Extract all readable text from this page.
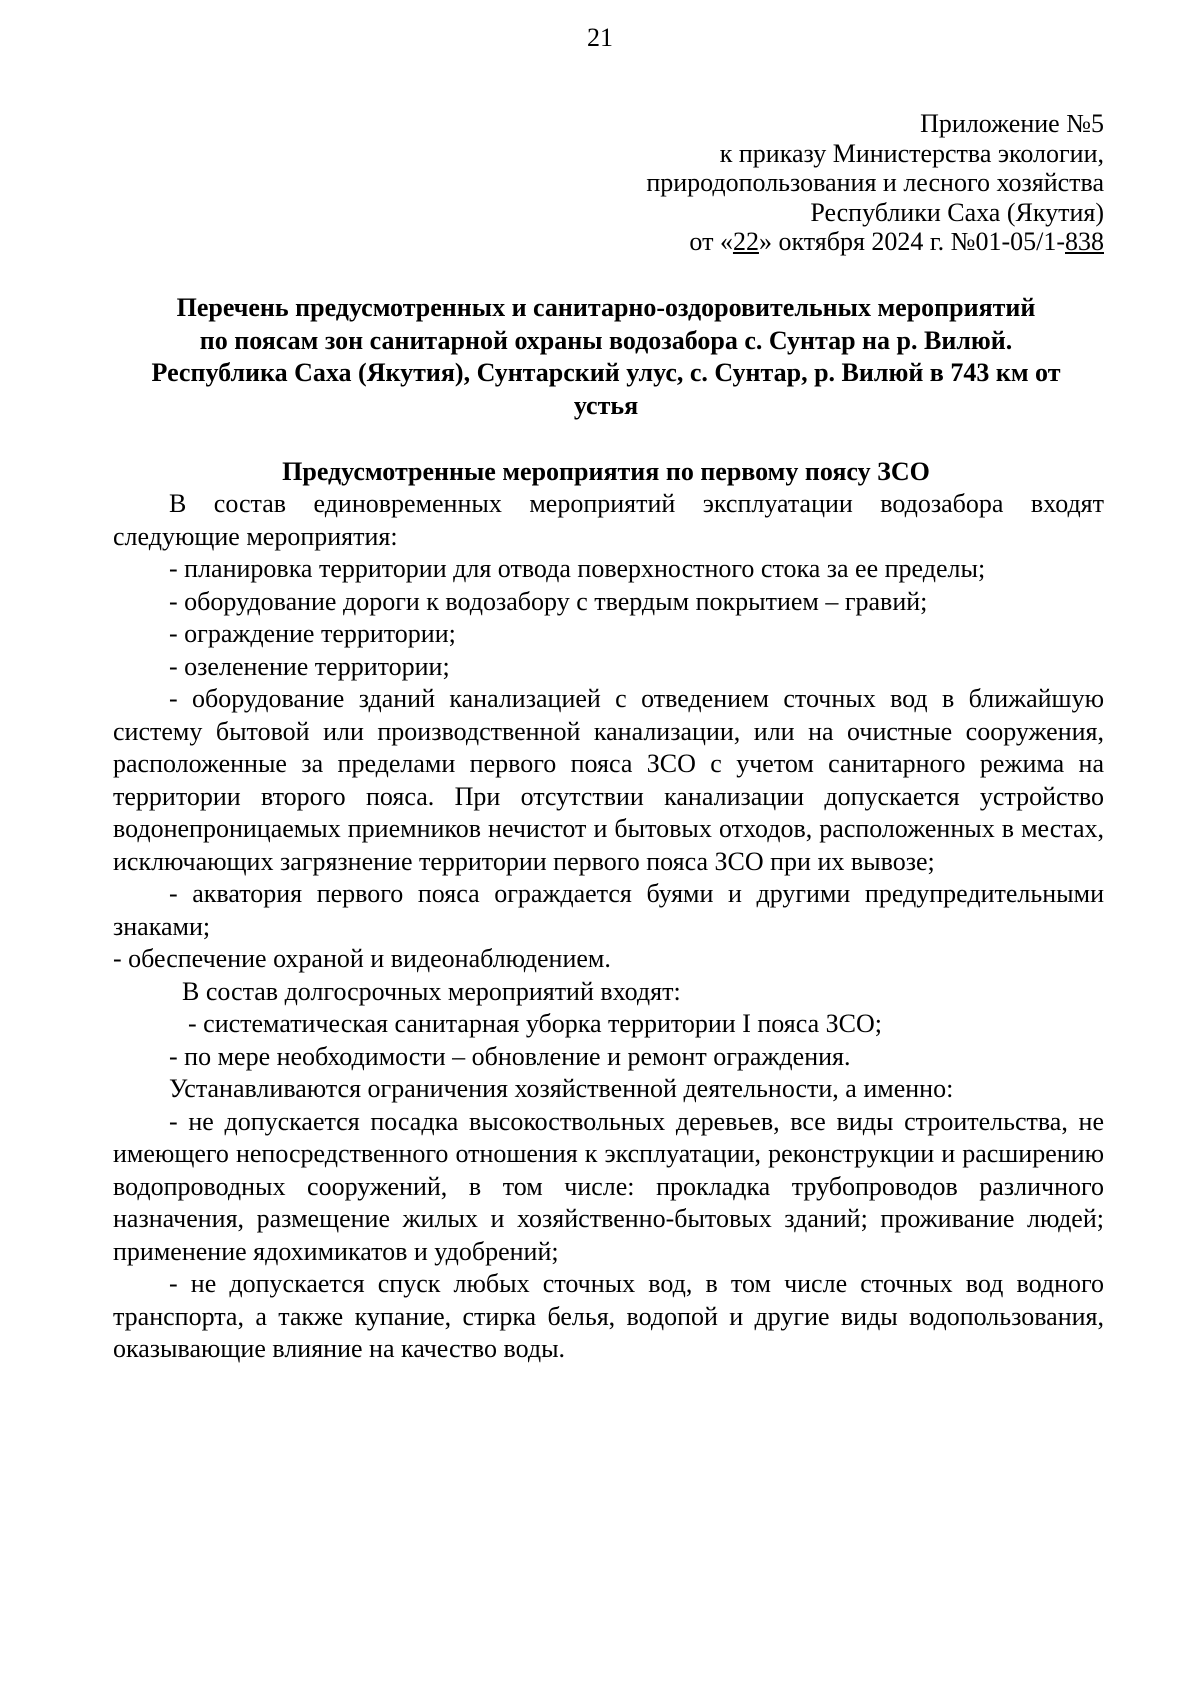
21
Приложение №5
к приказу Министерства экологии,
природопользования и лесного хозяйства
Республики Саха (Якутия)
от «22» октября 2024 г. №01-05/1-838
Перечень предусмотренных и санитарно-оздоровительных мероприятий
по поясам зон санитарной охраны водозабора с. Сунтар на р. Вилюй.
Республика Саха (Якутия), Сунтарский улус, с. Сунтар, р. Вилюй в 743 км от
устья
Предусмотренные мероприятия по первому поясу ЗСО
В состав единовременных мероприятий эксплуатации водозабора входят следующие мероприятия:
- планировка территории для отвода поверхностного стока за ее пределы;
- оборудование дороги к водозабору с твердым покрытием – гравий;
- ограждение территории;
- озеленение территории;
- оборудование зданий канализацией с отведением сточных вод в ближайшую систему бытовой или производственной канализации, или на очистные сооружения, расположенные за пределами первого пояса ЗСО с учетом санитарного режима на территории второго пояса. При отсутствии канализации допускается устройство водонепроницаемых приемников нечистот и бытовых отходов, расположенных в местах, исключающих загрязнение территории первого пояса ЗСО при их вывозе;
- акватория первого пояса ограждается буями и другими предупредительными знаками;
- обеспечение охраной и видеонаблюдением.
В состав долгосрочных мероприятий входят:
- систематическая санитарная уборка территории I пояса ЗСО;
- по мере необходимости – обновление и ремонт ограждения.
Устанавливаются ограничения хозяйственной деятельности, а именно:
- не допускается посадка высокоствольных деревьев, все виды строительства, не имеющего непосредственного отношения к эксплуатации, реконструкции и расширению водопроводных сооружений, в том числе: прокладка трубопроводов различного назначения, размещение жилых и хозяйственно-бытовых зданий; проживание людей; применение ядохимикатов и удобрений;
- не допускается спуск любых сточных вод, в том числе сточных вод водного транспорта, а также купание, стирка белья, водопой и другие виды водопользования, оказывающие влияние на качество воды.
